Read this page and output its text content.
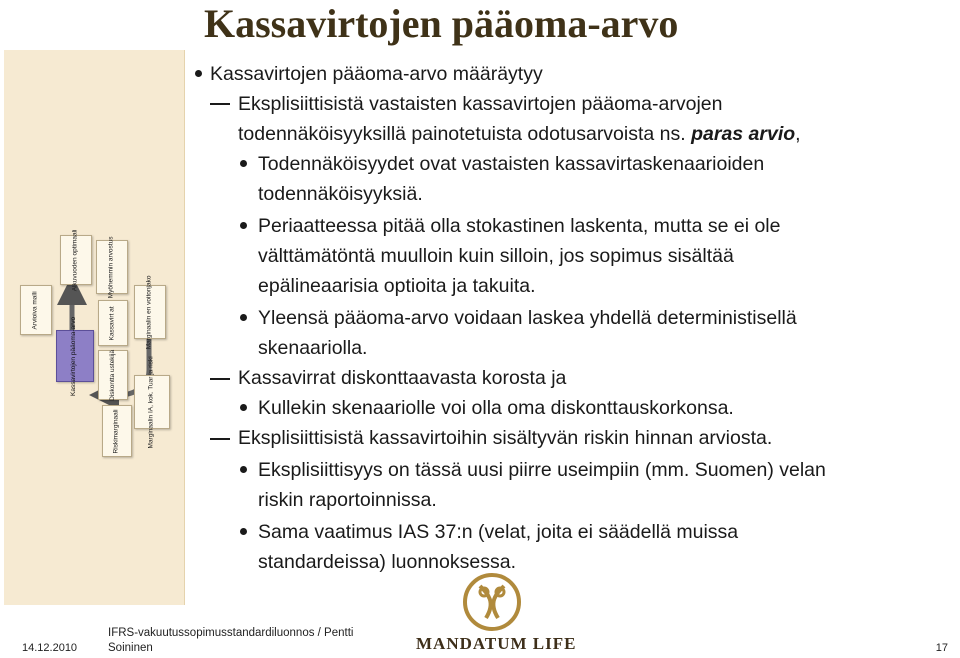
Kassavirtojen pääoma-arvo
Arvioiva malli
Alkuvuoden optimaali
Kassavirtojen pääoma-arvo
Myöhemmin arvostus
Kassavirt at
Diskontta ustekijä
Riskimarginaali
Marginaalin en voitonjako
Marginaalin IA, kok. Tuar ja riski
Kassavirtojen pääoma-arvo määräytyy
Eksplisiittisistä vastaisten kassavirtojen pääoma-arvojen
todennäköisyyksillä painotetuista odotusarvoista ns. paras arvio,
Todennäköisyydet ovat vastaisten kassavirtaskenaarioiden
todennäköisyyksiä.
Periaatteessa pitää olla stokastinen laskenta, mutta se ei ole
välttämätöntä muulloin kuin silloin, jos sopimus sisältää
epälineaarisia optioita ja takuita.
Yleensä pääoma-arvo voidaan laskea yhdellä deterministisellä
skenaariolla.
Kassavirrat diskonttaavasta korosta ja
Kullekin skenaariolle voi olla oma diskonttauskorkonsa.
Eksplisiittisistä kassavirtoihin sisältyvän riskin hinnan arviosta.
Eksplisiittisyys on tässä uusi piirre useimpiin (mm. Suomen) velan
riskin raportoinnissa.
Sama vaatimus IAS 37:n (velat, joita ei säädellä muissa
standardeissa) luonnoksessa.
14.12.2010
IFRS-vakuutussopimusstandardiluonnos / Pentti Soininen	MANDATUM LIFE	17
